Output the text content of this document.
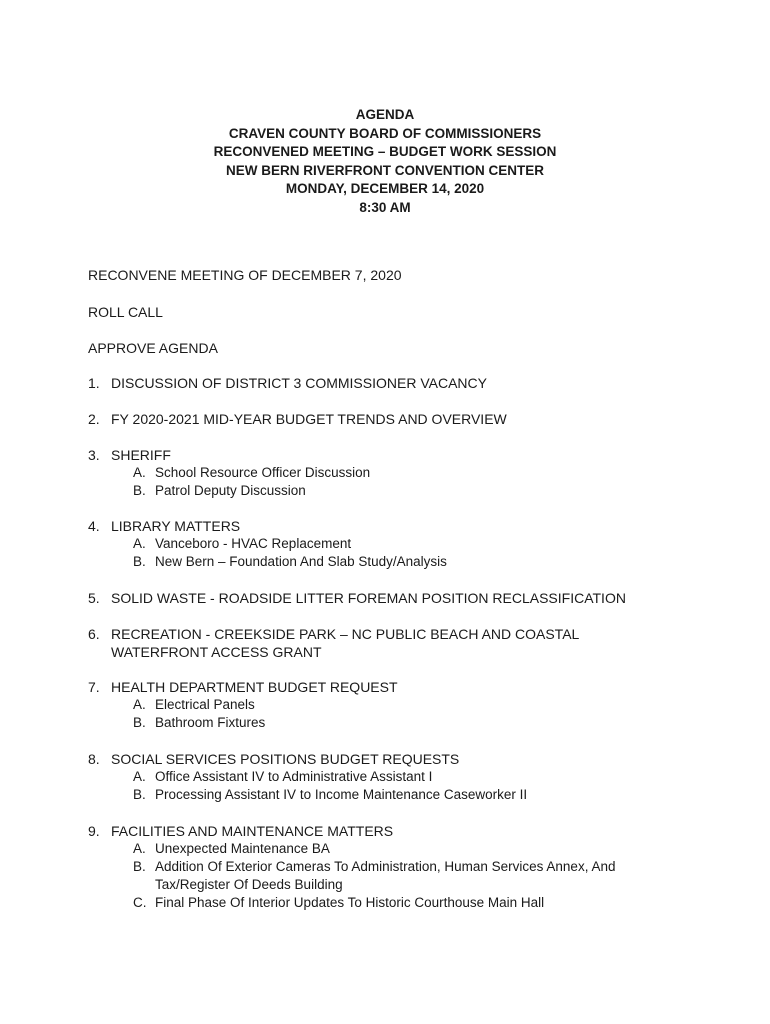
AGENDA
CRAVEN COUNTY BOARD OF COMMISSIONERS
RECONVENED MEETING – BUDGET WORK SESSION
NEW BERN RIVERFRONT CONVENTION CENTER
MONDAY, DECEMBER 14, 2020
8:30 AM
RECONVENE MEETING OF DECEMBER 7, 2020
ROLL CALL
APPROVE AGENDA
1. DISCUSSION OF DISTRICT 3 COMMISSIONER VACANCY
2. FY 2020-2021 MID-YEAR BUDGET TRENDS AND OVERVIEW
3. SHERIFF
A. School Resource Officer Discussion
B. Patrol Deputy Discussion
4. LIBRARY MATTERS
A. Vanceboro - HVAC Replacement
B. New Bern – Foundation And Slab Study/Analysis
5. SOLID WASTE - ROADSIDE LITTER FOREMAN POSITION RECLASSIFICATION
6. RECREATION - CREEKSIDE PARK – NC PUBLIC BEACH AND COASTAL
WATERFRONT ACCESS GRANT
7. HEALTH DEPARTMENT BUDGET REQUEST
A. Electrical Panels
B. Bathroom Fixtures
8. SOCIAL SERVICES POSITIONS BUDGET REQUESTS
A. Office Assistant IV to Administrative Assistant I
B. Processing Assistant IV to Income Maintenance Caseworker II
9. FACILITIES AND MAINTENANCE MATTERS
A. Unexpected Maintenance BA
B. Addition Of Exterior Cameras To Administration, Human Services Annex, And
Tax/Register Of Deeds Building
C. Final Phase Of Interior Updates To Historic Courthouse Main Hall
